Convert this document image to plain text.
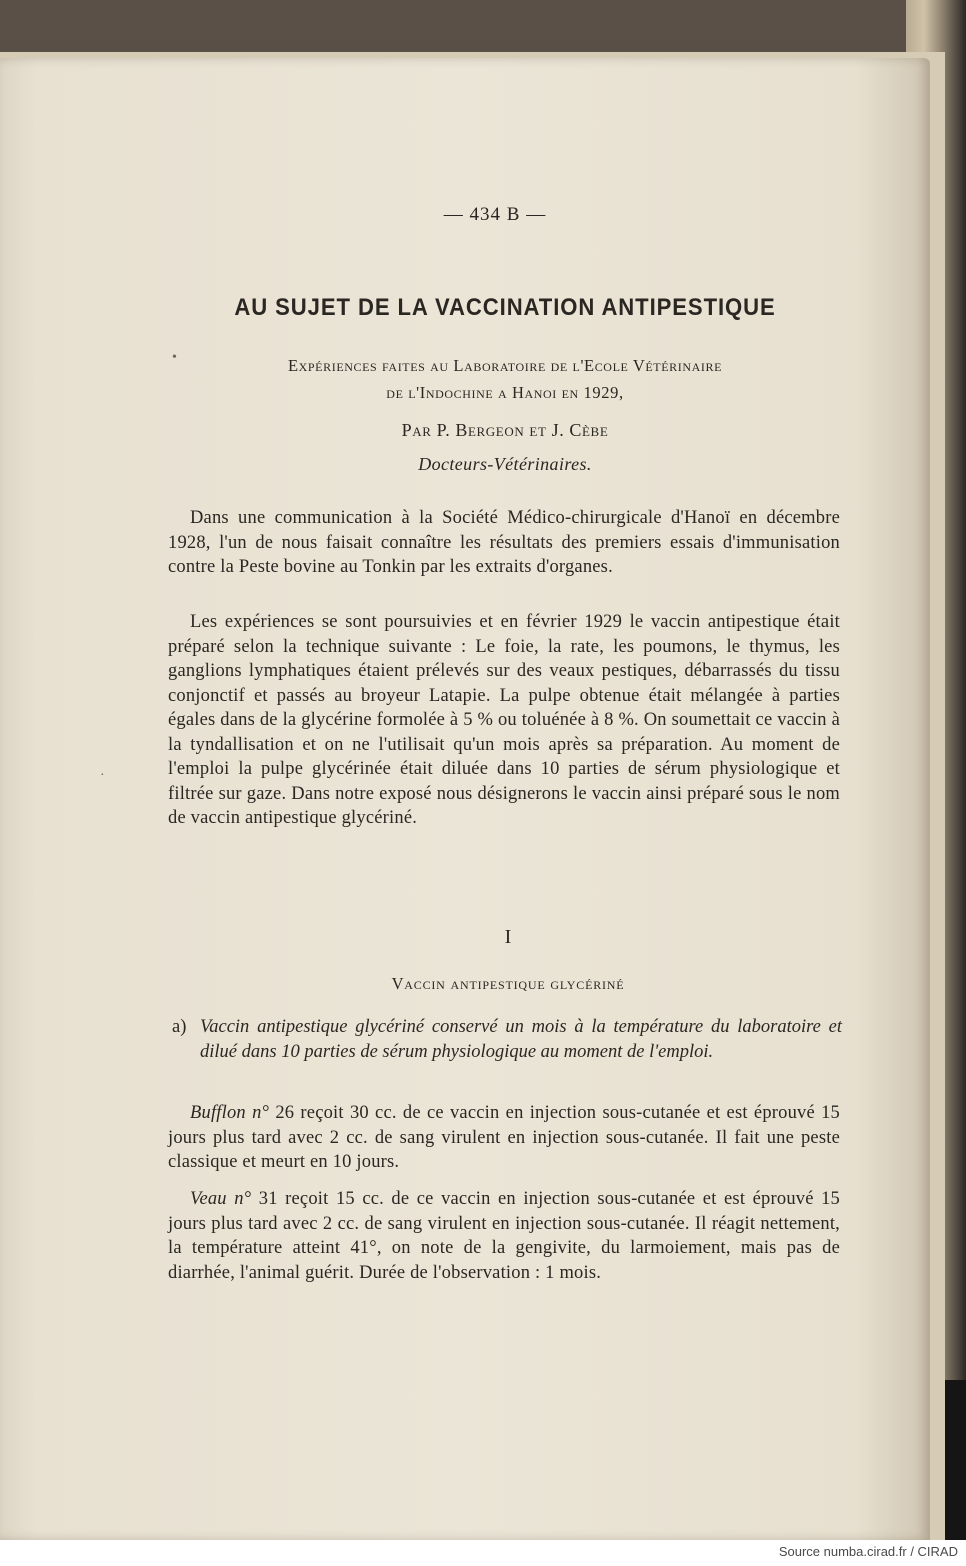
— 434 B —
AU SUJET DE LA VACCINATION ANTIPESTIQUE
Expériences faites au Laboratoire de l'Ecole Vétérinaire
de l'Indochine a Hanoi en 1929,
Par P. Bergeon et J. Cèbe
Docteurs-Vétérinaires.
Dans une communication à la Société Médico-chirurgicale d'Hanoï en décembre 1928, l'un de nous faisait connaître les résultats des premiers essais d'immunisation contre la Peste bovine au Tonkin par les extraits d'organes.
Les expériences se sont poursuivies et en février 1929 le vaccin antipestique était préparé selon la technique suivante : Le foie, la rate, les poumons, le thymus, les ganglions lymphatiques étaient prélevés sur des veaux pestiques, débarrassés du tissu conjonctif et passés au broyeur Latapie. La pulpe obtenue était mélangée à parties égales dans de la glycérine formolée à 5 % ou toluénée à 8 %. On soumettait ce vaccin à la tyndallisation et on ne l'utilisait qu'un mois après sa préparation. Au moment de l'emploi la pulpe glycérinée était diluée dans 10 parties de sérum physiologique et filtrée sur gaze. Dans notre exposé nous désignerons le vaccin ainsi préparé sous le nom de vaccin antipestique glycériné.
I
Vaccin antipestique glycériné
a) Vaccin antipestique glycériné conservé un mois à la température du laboratoire et dilué dans 10 parties de sérum physiologique au moment de l'emploi.
Bufflon n° 26 reçoit 30 cc. de ce vaccin en injection sous-cutanée et est éprouvé 15 jours plus tard avec 2 cc. de sang virulent en injection sous-cutanée. Il fait une peste classique et meurt en 10 jours.
Veau n° 31 reçoit 15 cc. de ce vaccin en injection sous-cutanée et est éprouvé 15 jours plus tard avec 2 cc. de sang virulent en injection sous-cutanée. Il réagit nettement, la température atteint 41°, on note de la gengivite, du larmoiement, mais pas de diarrhée, l'animal guérit. Durée de l'observation : 1 mois.
•
·
Source numba.cirad.fr / CIRAD
